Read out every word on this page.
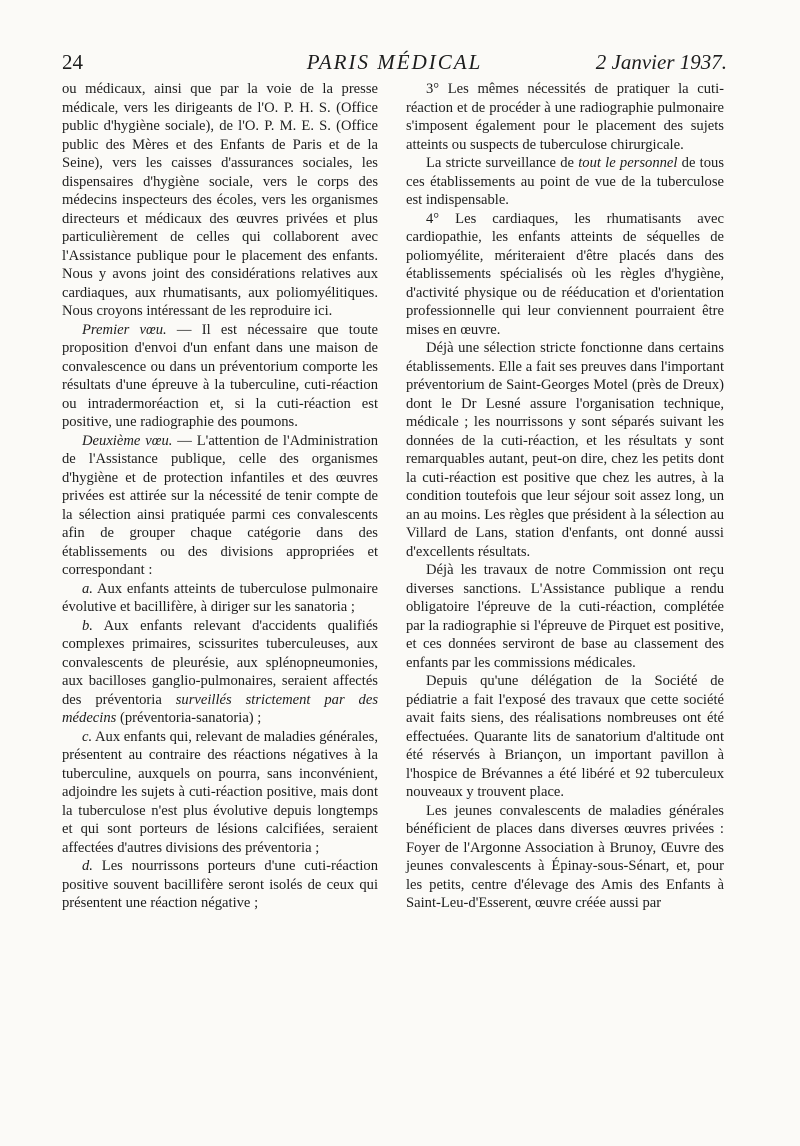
24	PARIS MÉDICAL	2 Janvier 1937.

ou médicaux, ainsi que par la voie de la presse médicale, vers les dirigeants de l'O. P. H. S. (Office public d'hygiène sociale), de l'O. P. M. E. S. (Office public des Mères et des Enfants de Paris et de la Seine), vers les caisses d'assurances sociales, les dispensaires d'hygiène sociale, vers le corps des médecins inspecteurs des écoles, vers les organismes directeurs et médicaux des œuvres privées et plus particulièrement de celles qui collaborent avec l'Assistance publique pour le placement des enfants. Nous y avons joint des considérations relatives aux cardiaques, aux rhumatisants, aux poliomyélitiques. Nous croyons intéressant de les reproduire ici.

Premier vœu. — Il est nécessaire que toute proposition d'envoi d'un enfant dans une maison de convalescence ou dans un préventorium comporte les résultats d'une épreuve à la tuberculine, cuti-réaction ou intradermoréaction et, si la cuti-réaction est positive, une radiographie des poumons.

Deuxième vœu. — L'attention de l'Administration de l'Assistance publique, celle des organismes d'hygiène et de protection infantiles et des œuvres privées est attirée sur la nécessité de tenir compte de la sélection ainsi pratiquée parmi ces convalescents afin de grouper chaque catégorie dans des établissements ou des divisions appropriées et correspondant :

a. Aux enfants atteints de tuberculose pulmonaire évolutive et bacillifère, à diriger sur les sanatoria ;

b. Aux enfants relevant d'accidents qualifiés complexes primaires, scissurites tuberculeuses, aux convalescents de pleurésie, aux splénopneumonies, aux bacilloses ganglio-pulmonaires, seraient affectés des préventoria surveillés strictement par des médecins (préventoria-sanatoria) ;

c. Aux enfants qui, relevant de maladies générales, présentent au contraire des réactions négatives à la tuberculine, auxquels on pourra, sans inconvénient, adjoindre les sujets à cuti-réaction positive, mais dont la tuberculose n'est plus évolutive depuis longtemps et qui sont porteurs de lésions calcifiées, seraient affectées d'autres divisions des préventoria ;

d. Les nourrissons porteurs d'une cuti-réaction positive souvent bacillifère seront isolés de ceux qui présentent une réaction négative ;

3° Les mêmes nécessités de pratiquer la cuti-réaction et de procéder à une radiographie pulmonaire s'imposent également pour le placement des sujets atteints ou suspects de tuberculose chirurgicale.

La stricte surveillance de tout le personnel de tous ces établissements au point de vue de la tuberculose est indispensable.

4° Les cardiaques, les rhumatisants avec cardiopathie, les enfants atteints de séquelles de poliomyélite, mériteraient d'être placés dans des établissements spécialisés où les règles d'hygiène, d'activité physique ou de rééducation et d'orientation professionnelle qui leur conviennent pourraient être mises en œuvre.

Déjà une sélection stricte fonctionne dans certains établissements. Elle a fait ses preuves dans l'important préventorium de Saint-Georges Motel (près de Dreux) dont le Dr Lesné assure l'organisation technique, médicale ; les nourrissons y sont séparés suivant les données de la cuti-réaction, et les résultats y sont remarquables autant, peut-on dire, chez les petits dont la cuti-réaction est positive que chez les autres, à la condition toutefois que leur séjour soit assez long, un an au moins. Les règles que président à la sélection au Villard de Lans, station d'enfants, ont donné aussi d'excellents résultats.

Déjà les travaux de notre Commission ont reçu diverses sanctions. L'Assistance publique a rendu obligatoire l'épreuve de la cuti-réaction, complétée par la radiographie si l'épreuve de Pirquet est positive, et ces données serviront de base au classement des enfants par les commissions médicales.

Depuis qu'une délégation de la Société de pédiatrie a fait l'exposé des travaux que cette société avait faits siens, des réalisations nombreuses ont été effectuées. Quarante lits de sanatorium d'altitude ont été réservés à Briançon, un important pavillon à l'hospice de Brévannes a été libéré et 92 tuberculeux nouveaux y trouvent place.

Les jeunes convalescents de maladies générales bénéficient de places dans diverses œuvres privées : Foyer de l'Argonne Association à Brunoy, Œuvre des jeunes convalescents à Épinay-sous-Sénart, et, pour les petits, centre d'élevage des Amis des Enfants à Saint-Leu-d'Esserent, œuvre créée aussi par
